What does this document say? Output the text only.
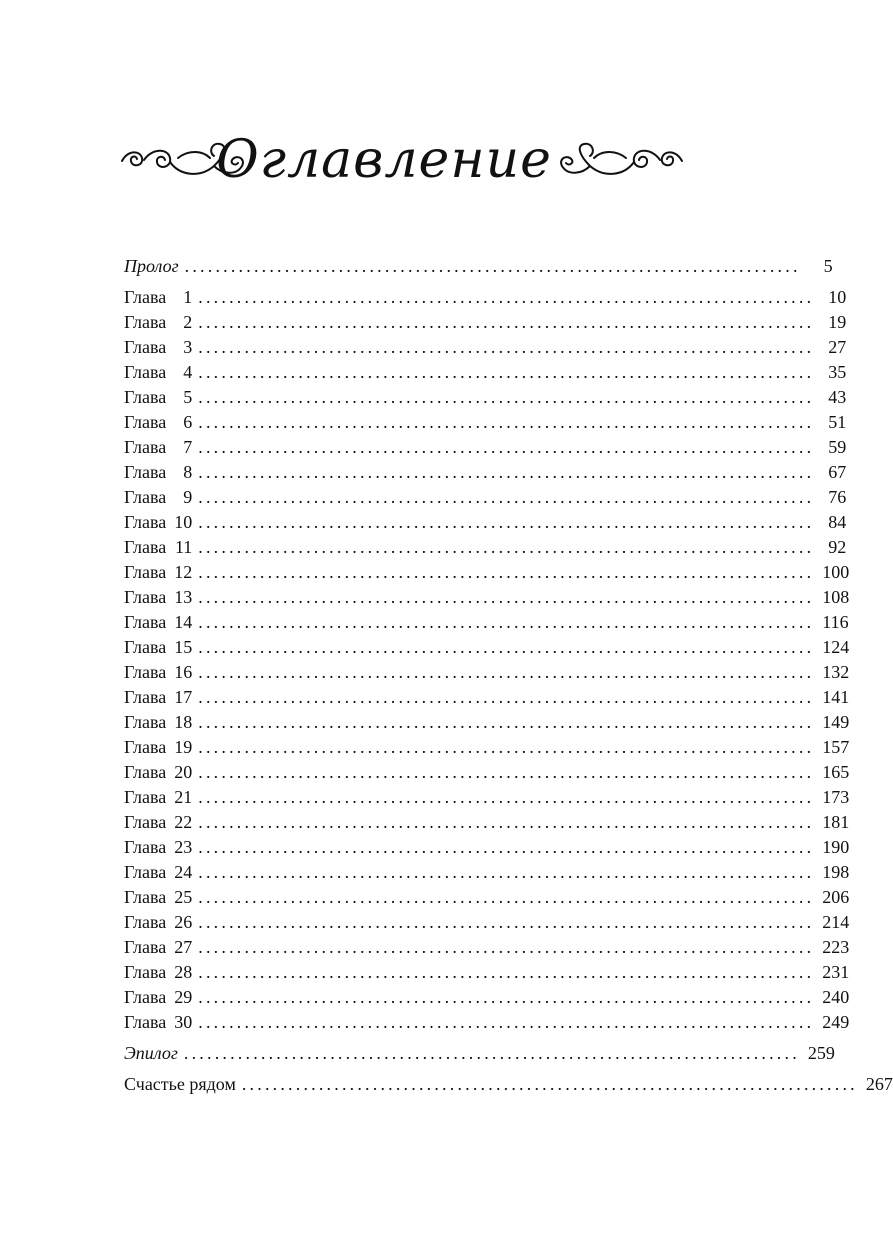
Оглавление
Пролог ................................................................................	5
Глава 1 ................................................................................ 10
Глава 2 ................................................................................ 19
Глава 3 ................................................................................ 27
Глава 4 ................................................................................ 35
Глава 5 ................................................................................ 43
Глава 6 ................................................................................ 51
Глава 7 ................................................................................ 59
Глава 8 ................................................................................ 67
Глава 9 ................................................................................ 76
Глава 10 ................................................................................ 84
Глава 11 ................................................................................ 92
Глава 12 ................................................................................ 100
Глава 13 ................................................................................ 108
Глава 14 ................................................................................ 116
Глава 15 ................................................................................ 124
Глава 16 ................................................................................ 132
Глава 17 ................................................................................ 141
Глава 18 ................................................................................ 149
Глава 19 ................................................................................ 157
Глава 20 ................................................................................ 165
Глава 21 ................................................................................ 173
Глава 22 ................................................................................ 181
Глава 23 ................................................................................ 190
Глава 24 ................................................................................ 198
Глава 25 ................................................................................ 206
Глава 26 ................................................................................ 214
Глава 27 ................................................................................ 223
Глава 28 ................................................................................ 231
Глава 29 ................................................................................ 240
Глава 30 ................................................................................ 249
Эпилог ................................................................................ 259
Счастье рядом ................................................................................ 267
